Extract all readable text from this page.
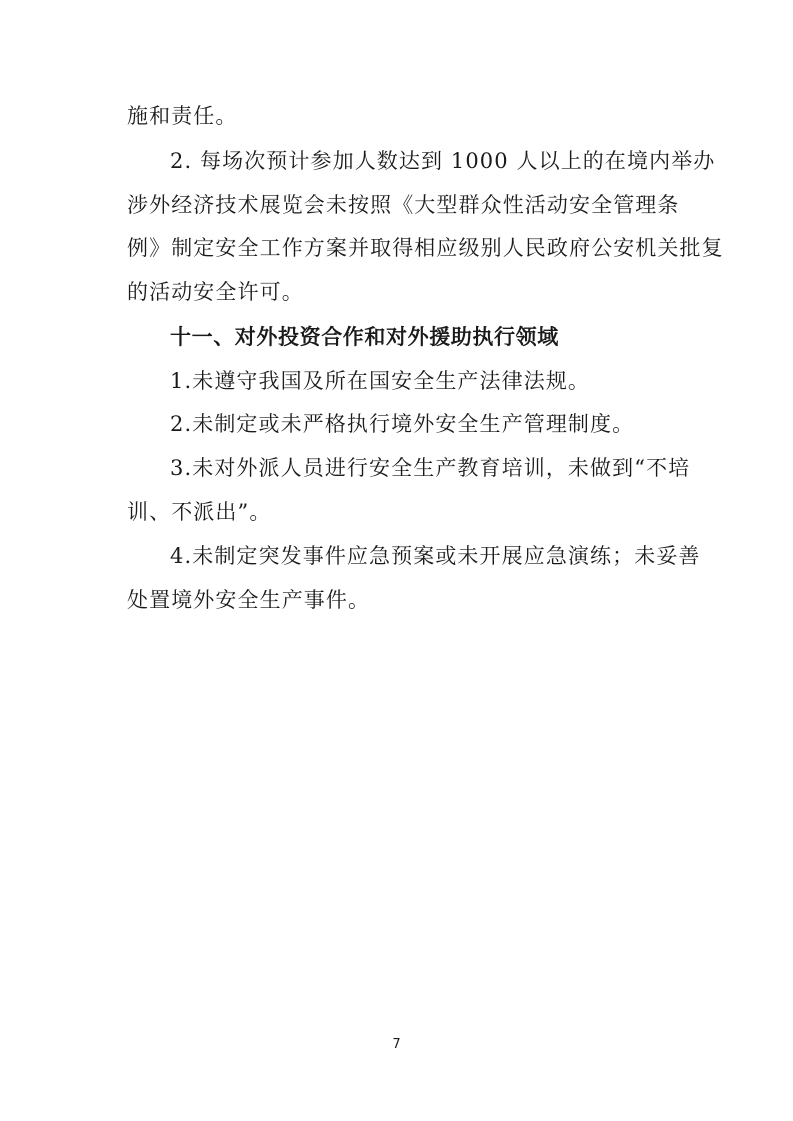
施和责任。
2. 每场次预计参加人数达到 1000 人以上的在境内举办
涉外经济技术展览会未按照《大型群众性活动安全管理条
例》制定安全工作方案并取得相应级别人民政府公安机关批复
的活动安全许可。
十一、对外投资合作和对外援助执行领域
1.未遵守我国及所在国安全生产法律法规。
2.未制定或未严格执行境外安全生产管理制度。
3.未对外派人员进行安全生产教育培训，未做到“不培
训、不派出”。
4.未制定突发事件应急预案或未开展应急演练；未妥善
处置境外安全生产事件。
7
